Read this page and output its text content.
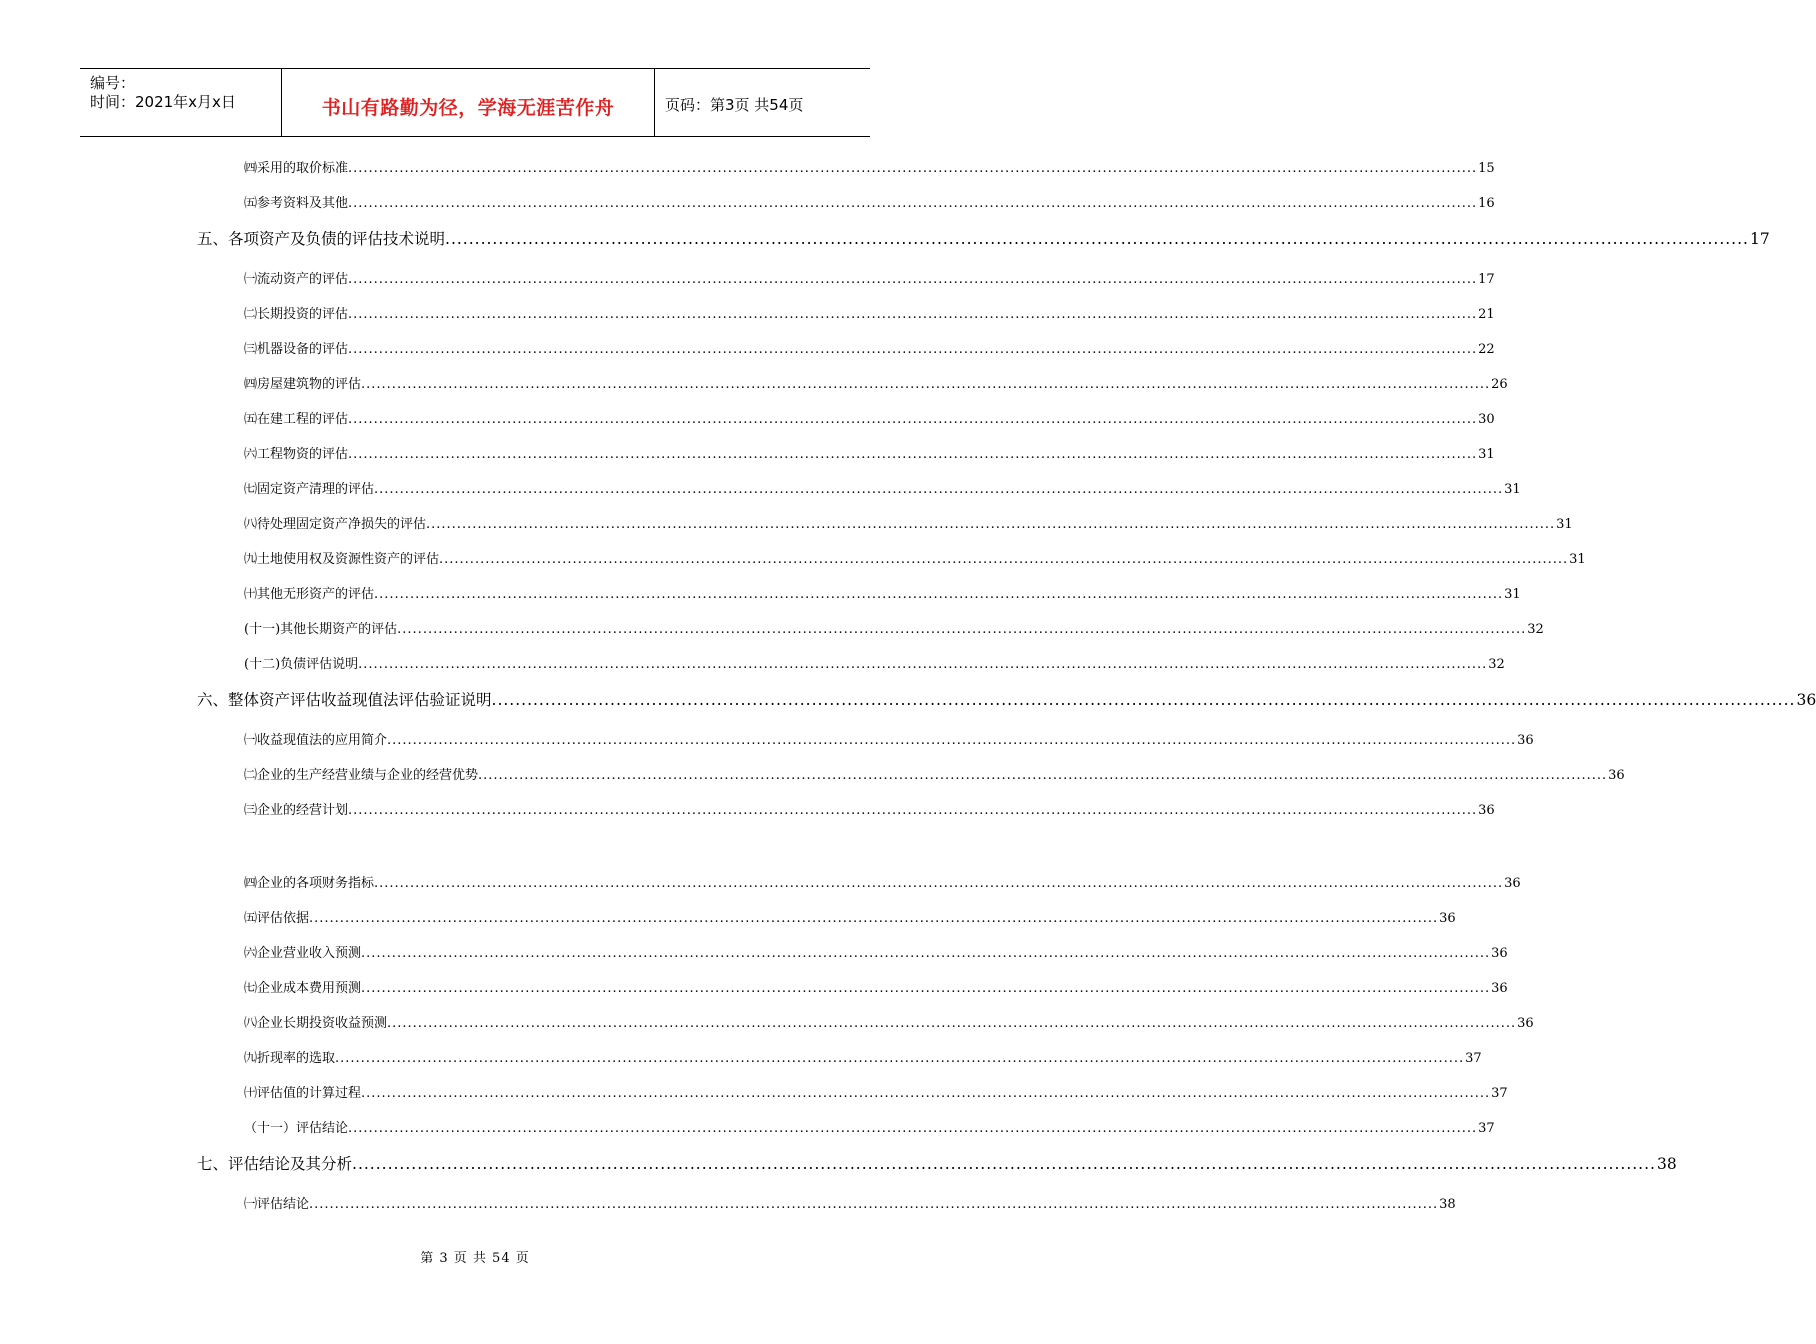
编号：
时间：2021年x月x日	书山有路勤为径，学海无涯苦作舟	页码：第3页 共54页
㈣采用的取价标准 ............................................................................................................................................................................................................................ 15
㈤参考资料及其他 ............................................................................................................................................................................................................................ 16
五、各项资产及负债的评估技术说明 ............................................................................................................................................................................................................................ 17
㈠流动资产的评估 ............................................................................................................................................................................................................................ 17
㈡长期投资的评估 ............................................................................................................................................................................................................................ 21
㈢机器设备的评估 ............................................................................................................................................................................................................................ 22
㈣房屋建筑物的评估 ............................................................................................................................................................................................................................ 26
㈤在建工程的评估 ............................................................................................................................................................................................................................ 30
㈥工程物资的评估 ............................................................................................................................................................................................................................ 31
㈦固定资产清理的评估 ............................................................................................................................................................................................................................ 31
㈧待处理固定资产净损失的评估 ............................................................................................................................................................................................................................ 31
㈨土地使用权及资源性资产的评估 ............................................................................................................................................................................................................................ 31
㈩其他无形资产的评估 ............................................................................................................................................................................................................................ 31
(十一)其他长期资产的评估 ............................................................................................................................................................................................................................ 32
(十二)负债评估说明 ............................................................................................................................................................................................................................ 32
六、整体资产评估收益现值法评估验证说明 ............................................................................................................................................................................................................................ 36
㈠收益现值法的应用简介 ............................................................................................................................................................................................................................ 36
㈡企业的生产经营业绩与企业的经营优势 ............................................................................................................................................................................................................................ 36
㈢企业的经营计划 ............................................................................................................................................................................................................................ 36
㈣企业的各项财务指标 ............................................................................................................................................................................................................................ 36
㈤评估依据 ............................................................................................................................................................................................................................ 36
㈥企业营业收入预测 ............................................................................................................................................................................................................................ 36
㈦企业成本费用预测 ............................................................................................................................................................................................................................ 36
㈧企业长期投资收益预测 ............................................................................................................................................................................................................................ 36
㈨折现率的选取 ............................................................................................................................................................................................................................ 37
㈩评估值的计算过程 ............................................................................................................................................................................................................................ 37
（十一）评估结论 ............................................................................................................................................................................................................................ 37
七、评估结论及其分析 ............................................................................................................................................................................................................................ 38
㈠评估结论 ............................................................................................................................................................................................................................ 38
第 3 页 共 54 页
